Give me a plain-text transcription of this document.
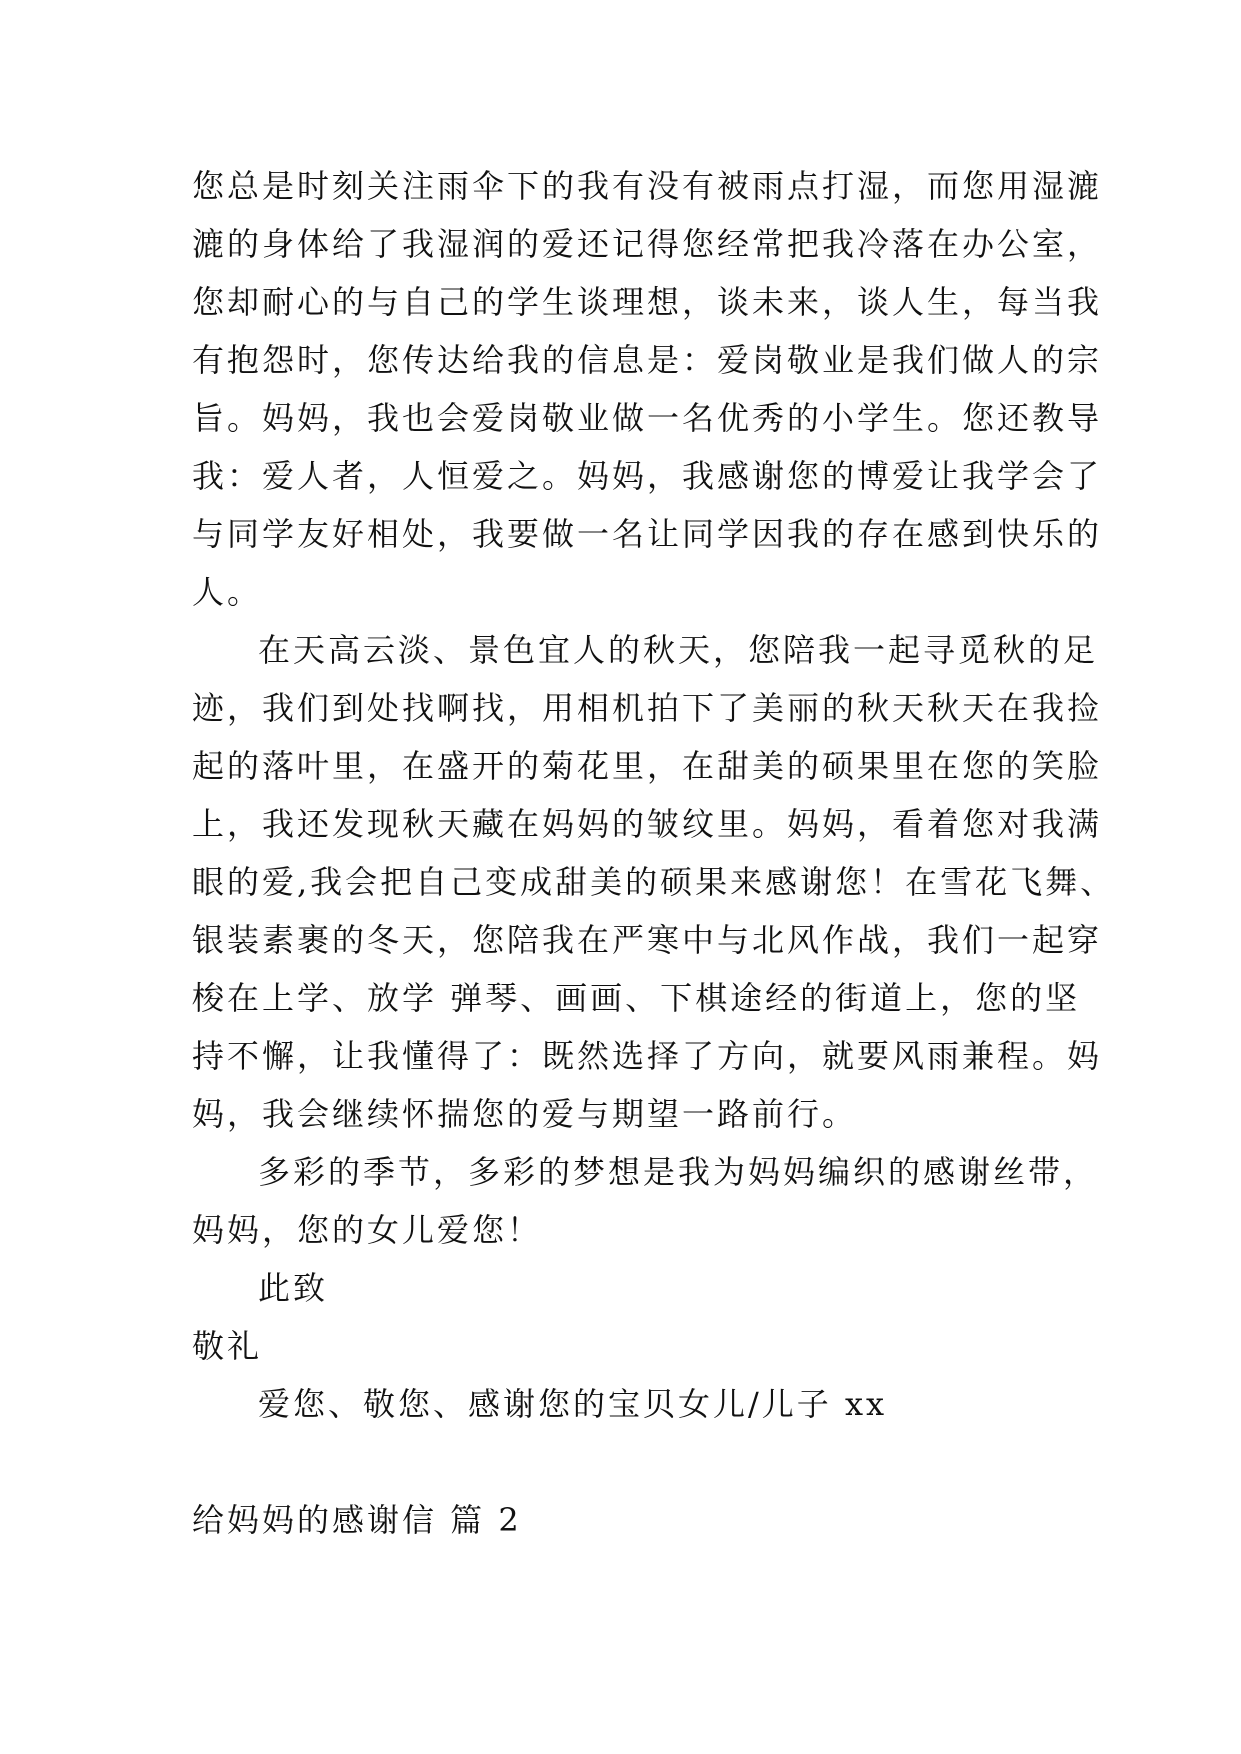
您总是时刻关注雨伞下的我有没有被雨点打湿，而您用湿漉
漉的身体给了我湿润的爱还记得您经常把我冷落在办公室，
您却耐心的与自己的学生谈理想，谈未来，谈人生，每当我
有抱怨时，您传达给我的信息是：爱岗敬业是我们做人的宗
旨。妈妈，我也会爱岗敬业做一名优秀的小学生。您还教导
我：爱人者，人恒爱之。妈妈，我感谢您的博爱让我学会了
与同学友好相处，我要做一名让同学因我的存在感到快乐的
人。
在天高云淡、景色宜人的秋天，您陪我一起寻觅秋的足
迹，我们到处找啊找，用相机拍下了美丽的秋天秋天在我捡
起的落叶里，在盛开的菊花里，在甜美的硕果里在您的笑脸
上，我还发现秋天藏在妈妈的皱纹里。妈妈，看着您对我满
眼的爱,我会把自己变成甜美的硕果来感谢您！在雪花飞舞、
银装素裹的冬天，您陪我在严寒中与北风作战，我们一起穿
梭在上学、放学 弹琴、画画、下棋途经的街道上，您的坚
持不懈，让我懂得了：既然选择了方向，就要风雨兼程。妈
妈，我会继续怀揣您的爱与期望一路前行。
多彩的季节，多彩的梦想是我为妈妈编织的感谢丝带，
妈妈，您的女儿爱您！
此致
敬礼
爱您、敬您、感谢您的宝贝女儿/儿子 xx
给妈妈的感谢信 篇 2
